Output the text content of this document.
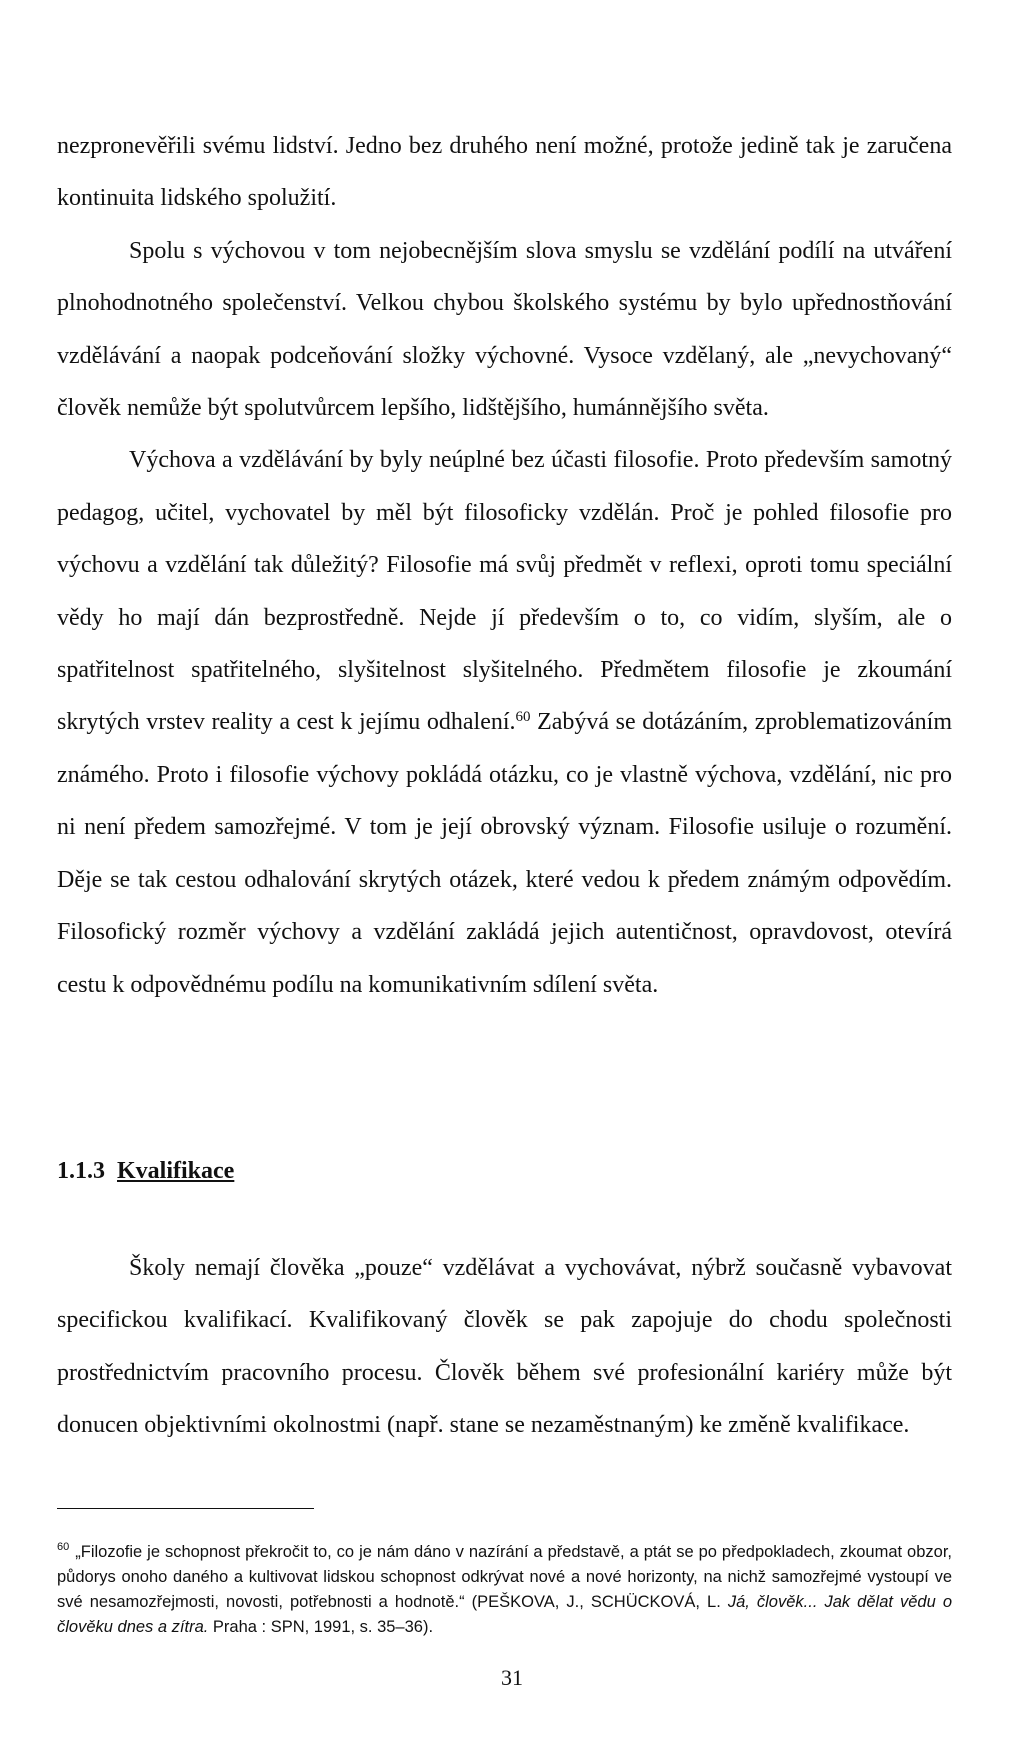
nezpronevěřili svému lidství. Jedno bez druhého není možné, protože jedině tak je zaručena kontinuita lidského spolužití.

Spolu s výchovou v tom nejobecnějším slova smyslu se vzdělání podílí na utváření plnohodnotného společenství. Velkou chybou školského systému by bylo upřednostňování vzdělávání a naopak podceňování složky výchovné. Vysoce vzdělaný, ale „nevychovaný“ člověk nemůže být spolutvůrcem lepšího, lidštějšího, humánnějšího světa.

Výchova a vzdělávání by byly neúplné bez účasti filosofie. Proto především samotný pedagog, učitel, vychovatel by měl být filosoficky vzdělán. Proč je pohled filosofie pro výchovu a vzdělání tak důležitý? Filosofie má svůj předmět v reflexi, oproti tomu speciální vědy ho mají dán bezprostředně. Nejde jí především o to, co vidím, slyším, ale o spatřitelnost spatřitelného, slyšitelnost slyšitelného. Předmětem filosofie je zkoumání skrytých vrstev reality a cest k jejímu odhalení.$^{60}$ Zabývá se dotázáním, zproblematizováním známého. Proto i filosofie výchovy pokládá otázku, co je vlastně výchova, vzdělání, nic pro ni není předem samozřejmé. V tom je její obrovský význam. Filosofie usiluje o rozumění. Děje se tak cestou odhalování skrytých otázek, které vedou k předem známým odpovědím. Filosofický rozměr výchovy a vzdělání zakládá jejich autentičnost, opravdovost, otevírá cestu k odpovědnému podílu na komunikativním sdílení světa.

1.1.3 Kvalifikace

Školy nemají člověka „pouze“ vzdělávat a vychovávat, nýbrž současně vybavovat specifickou kvalifikací. Kvalifikovaný člověk se pak zapojuje do chodu společnosti prostřednictvím pracovního procesu. Člověk během své profesionální kariéry může být donucen objektivními okolnostmi (např. stane se nezaměstnaným) ke změně kvalifikace.

$^{60}$ „Filozofie je schopnost překročit to, co je nám dáno v nazírání a představě, a ptát se po předpokladech, zkoumat obzor, půdorys onoho daného a kultivovat lidskou schopnost odkrývat nové a nové horizonty, na nichž samozřejmé vystoupí ve své nesamozřejmosti, novosti, potřebnosti a hodnotě.“ (PEŠKOVA, J., SCHÜCKOVÁ, L. Já, člověk... Jak dělat vědu o člověku dnes a zítra. Praha : SPN, 1991, s. 35–36).
31
